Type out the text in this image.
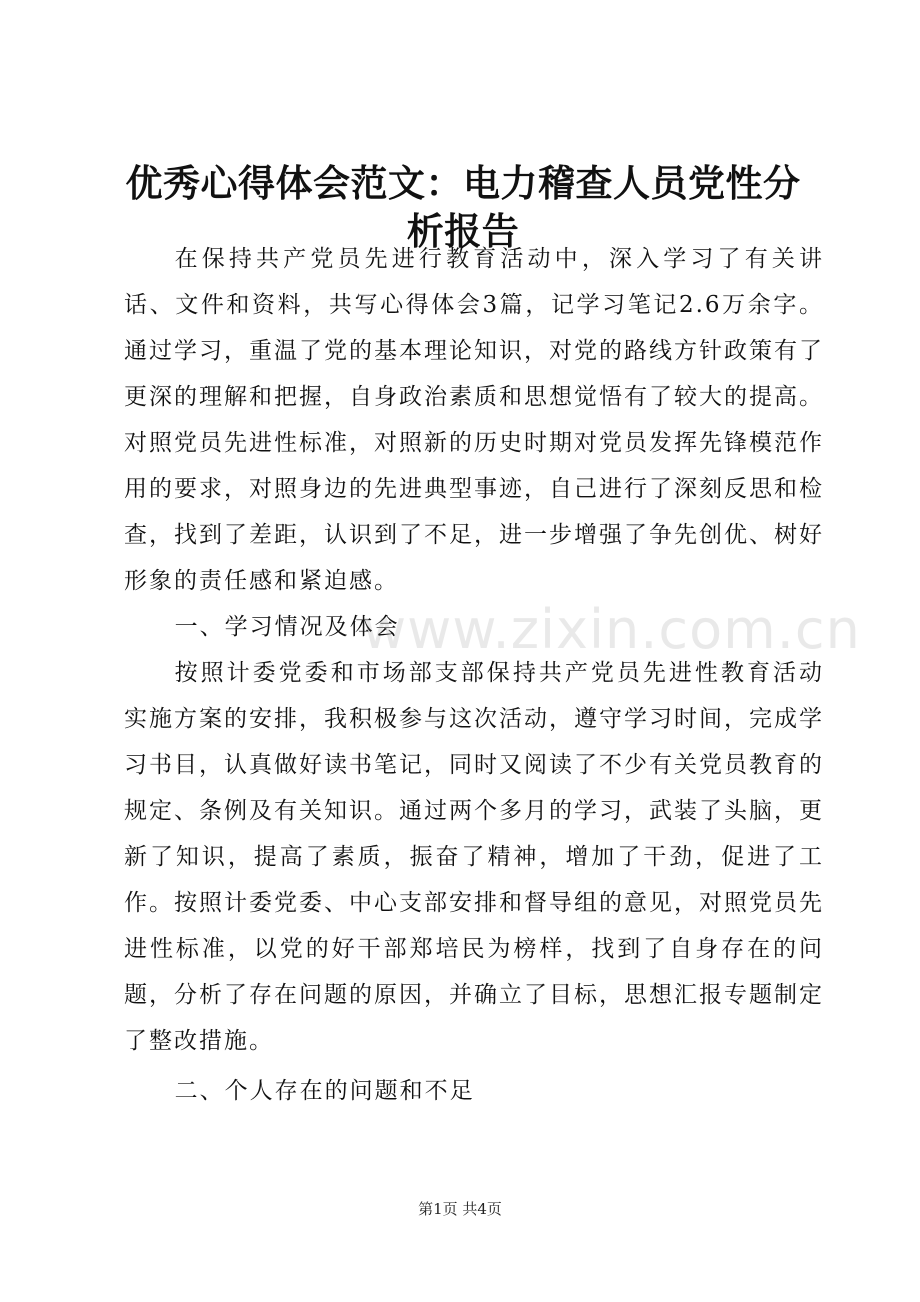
优秀心得体会范文：电力稽查人员党性分析报告

在保持共产党员先进行教育活动中，深入学习了有关讲话、文件和资料，共写心得体会3篇，记学习笔记2.6万余字。通过学习，重温了党的基本理论知识，对党的路线方针政策有了更深的理解和把握，自身政治素质和思想觉悟有了较大的提高。对照党员先进性标准，对照新的历史时期对党员发挥先锋模范作用的要求，对照身边的先进典型事迹，自己进行了深刻反思和检查，找到了差距，认识到了不足，进一步增强了争先创优、树好形象的责任感和紧迫感。

一、学习情况及体会

按照计委党委和市场部支部保持共产党员先进性教育活动实施方案的安排，我积极参与这次活动，遵守学习时间，完成学习书目，认真做好读书笔记，同时又阅读了不少有关党员教育的规定、条例及有关知识。通过两个多月的学习，武装了头脑，更新了知识，提高了素质，振奋了精神，增加了干劲，促进了工作。按照计委党委、中心支部安排和督导组的意见，对照党员先进性标准，以党的好干部郑培民为榜样，找到了自身存在的问题，分析了存在问题的原因，并确立了目标，思想汇报专题制定了整改措施。

二、个人存在的问题和不足

www.zixin.com.cn
第1页 共4页
